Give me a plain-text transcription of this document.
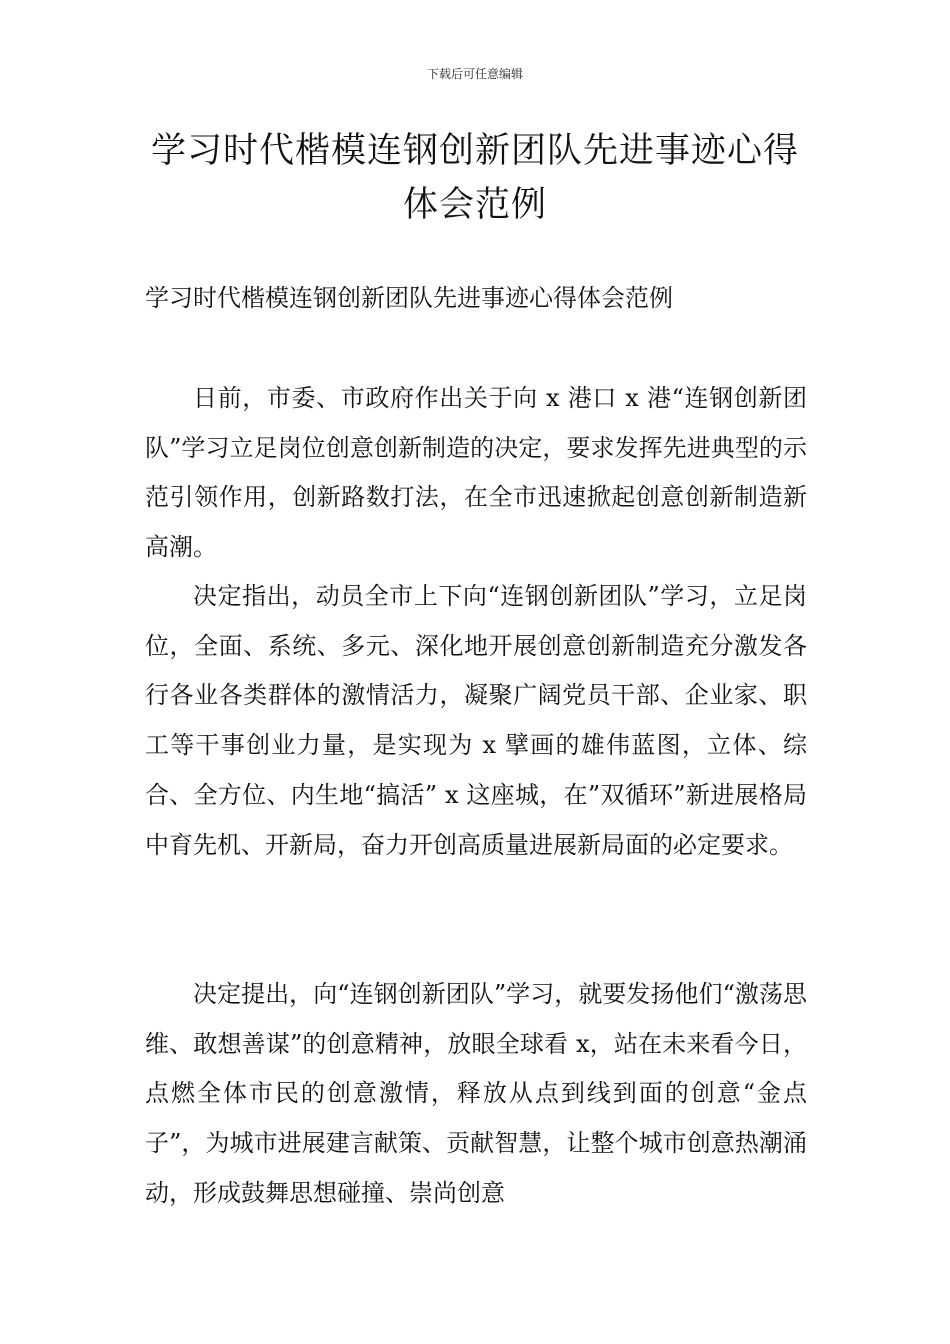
下载后可任意编辑
学习时代楷模连钢创新团队先进事迹心得体会范例

学习时代楷模连钢创新团队先进事迹心得体会范例

日前，市委、市政府作出关于向 x 港口 x 港“连钢创新团队”学习立足岗位创意创新制造的决定，要求发挥先进典型的示范引领作用，创新路数打法，在全市迅速掀起创意创新制造新高潮。

决定指出，动员全市上下向“连钢创新团队”学习，立足岗位，全面、系统、多元、深化地开展创意创新制造充分激发各行各业各类群体的激情活力，凝聚广阔党员干部、企业家、职工等干事创业力量，是实现为 x 擘画的雄伟蓝图，立体、综合、全方位、内生地“搞活” x 这座城，在”双循环”新进展格局中育先机、开新局，奋力开创高质量进展新局面的必定要求。

决定提出，向“连钢创新团队”学习，就要发扬他们“激荡思维、敢想善谋”的创意精神，放眼全球看 x，站在未来看今日，点燃全体市民的创意激情，释放从点到线到面的创意“金点子”，为城市进展建言献策、贡献智慧，让整个城市创意热潮涌动，形成鼓舞思想碰撞、崇尚创意
